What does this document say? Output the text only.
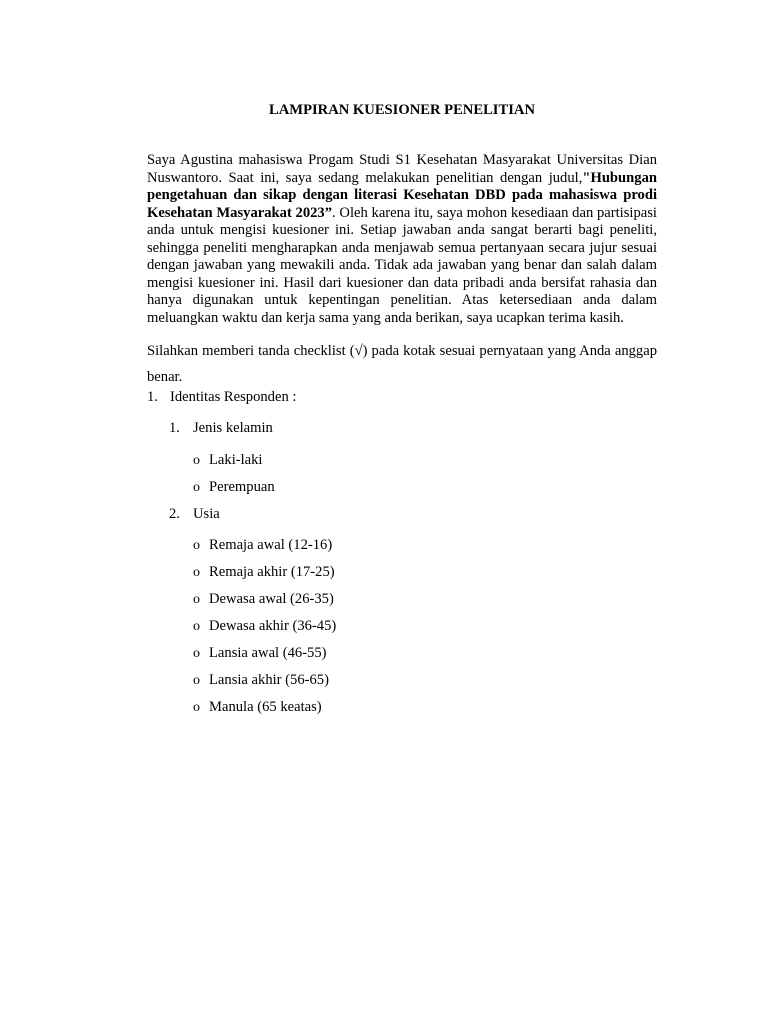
LAMPIRAN KUESIONER PENELITIAN

Saya Agustina mahasiswa Progam Studi S1 Kesehatan Masyarakat Universitas Dian Nuswantoro. Saat ini, saya sedang melakukan penelitian dengan judul,"Hubungan pengetahuan dan sikap dengan literasi Kesehatan DBD pada mahasiswa prodi Kesehatan Masyarakat 2023”. Oleh karena itu, saya mohon kesediaan dan partisipasi anda untuk mengisi kuesioner ini. Setiap jawaban anda sangat berarti bagi peneliti, sehingga peneliti mengharapkan anda menjawab semua pertanyaan secara jujur sesuai dengan jawaban yang mewakili anda. Tidak ada jawaban yang benar dan salah dalam mengisi kuesioner ini. Hasil dari kuesioner dan data pribadi anda bersifat rahasia dan hanya digunakan untuk kepentingan penelitian. Atas ketersediaan anda dalam meluangkan waktu dan kerja sama yang anda berikan, saya ucapkan terima kasih.

Silahkan memberi tanda checklist (√) pada kotak sesuai pernyataan yang Anda anggap benar.

1. Identitas Responden :
1. Jenis kelamin
o Laki-laki
o Perempuan
2. Usia
o Remaja awal (12-16)
o Remaja akhir (17-25)
o Dewasa awal (26-35)
o Dewasa akhir (36-45)
o Lansia awal (46-55)
o Lansia akhir (56-65)
o Manula (65 keatas)
